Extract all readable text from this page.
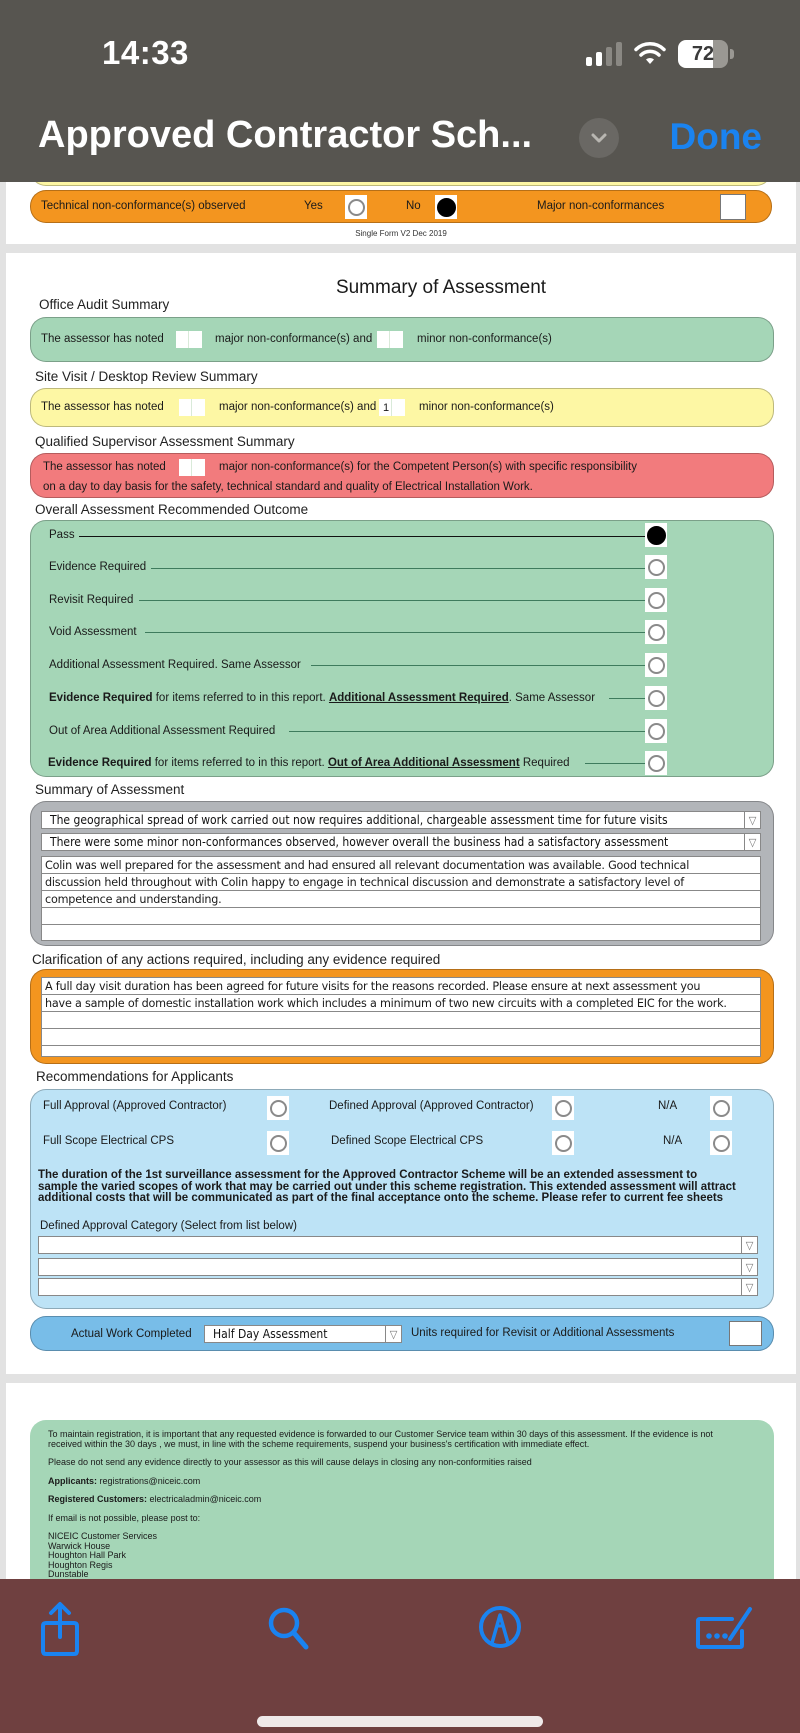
Technical non-conformance(s) observed	Yes	No	Major non-conformances
Single Form V2 Dec 2019
Summary of Assessment
Office Audit Summary
The assessor has noted	major non-conformance(s) and	minor non-conformance(s)
Site Visit / Desktop Review Summary
The assessor has noted	major non-conformance(s) and 1	minor non-conformance(s)
Qualified Supervisor Assessment Summary
The assessor has noted	major non-conformance(s) for the Competent Person(s) with specific responsibility
on a day to day basis for the safety, technical standard and quality of Electrical Installation Work.
Overall Assessment Recommended Outcome
Pass
Evidence Required
Revisit Required
Void Assessment
Additional Assessment Required. Same Assessor
Evidence Required for items referred to in this report. Additional Assessment Required. Same Assessor
Out of Area Additional Assessment Required
Evidence Required for items referred to in this report. Out of Area Additional Assessment Required
Summary of Assessment
The geographical spread of work carried out now requires additional, chargeable assessment time for future visits	▽
There were some minor non-conformances observed, however overall the business had a satisfactory assessment	▽
Colin was well prepared for the assessment and had ensured all relevant documentation was available. Good technical
discussion held throughout with Colin happy to engage in technical discussion and demonstrate a satisfactory level of
competence and understanding.
Clarification of any actions required, including any evidence required
A full day visit duration has been agreed for future visits for the reasons recorded. Please ensure at next assessment you
have a sample of domestic installation work which includes a minimum of two new circuits with a completed EIC for the work.
Recommendations for Applicants
Full Approval (Approved Contractor)	Defined Approval (Approved Contractor)	N/A
Full Scope Electrical CPS	Defined Scope Electrical CPS	N/A
The duration of the 1st surveillance assessment for the Approved Contractor Scheme will be an extended assessment to sample the varied scopes of work that may be carried out under this scheme registration. This extended assessment will attract additional costs that will be communicated as part of the final acceptance onto the scheme. Please refer to current fee sheets
Defined Approval Category (Select from list below)
▽
▽
▽
Actual Work Completed Half Day Assessment	▽	Units required for Revisit or Additional Assessments
To maintain registration, it is important that any requested evidence is forwarded to our Customer Service team within 30 days of this assessment. If the evidence is not received within the 30 days , we must, in line with the scheme requirements, suspend your business's certification with immediate effect.
Please do not send any evidence directly to your assessor as this will cause delays in closing any non-conformities raised
Applicants: registrations@niceic.com
Registered Customers: electricaladmin@niceic.com
If email is not possible, please post to:
NICEIC Customer Services
Warwick House
Houghton Hall Park
Houghton Regis
Dunstable
14:33	72
Approved Contractor Sch...	Done
